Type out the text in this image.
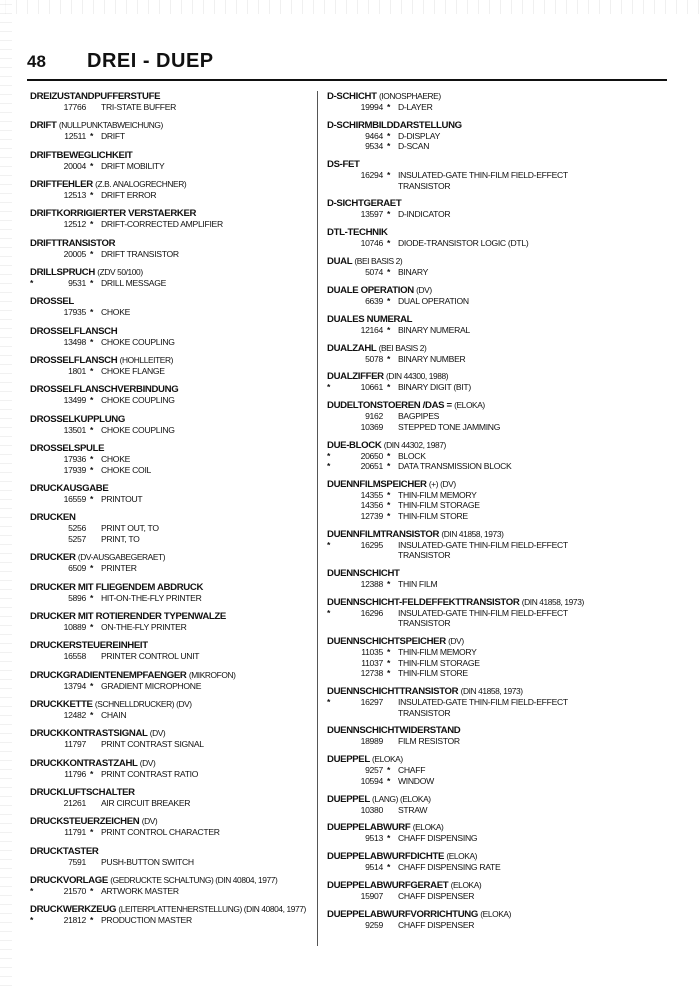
48 DREI - DUEP
DREIZUSTANDPUFFERSTUFE
17766 TRI-STATE BUFFER
DRIFT (NULLPUNKTABWEICHUNG)
12511 * DRIFT
DRIFTBEWEGLICHKEIT
20004 * DRIFT MOBILITY
DRIFTFEHLER (Z.B. ANALOGRECHNER)
12513 * DRIFT ERROR
DRIFTKORRIGIERTER VERSTAERKER
12512 * DRIFT-CORRECTED AMPLIFIER
DRIFTTRANSISTOR
20005 * DRIFT TRANSISTOR
DRILLSPRUCH (ZDV 50/100)
*	9531 * DRILL MESSAGE
DROSSEL
17935 * CHOKE
DROSSELFLANSCH
13498 * CHOKE COUPLING
DROSSELFLANSCH (HOHLLEITER)
1801 * CHOKE FLANGE
DROSSELFLANSCHVERBINDUNG
13499 * CHOKE COUPLING
DROSSELKUPPLUNG
13501 * CHOKE COUPLING
DROSSELSPULE
17936 * CHOKE
17939 * CHOKE COIL
DRUCKAUSGABE
16559 * PRINTOUT
DRUCKEN
5256 PRINT OUT, TO
5257 PRINT, TO
DRUCKER (DV-AUSGABEGERAET)
6509 * PRINTER
DRUCKER MIT FLIEGENDEM ABDRUCK
5896 * HIT-ON-THE-FLY PRINTER
DRUCKER MIT ROTIERENDER TYPENWALZE
10889 * ON-THE-FLY PRINTER
DRUCKERSTEUEREINHEIT
16558 PRINTER CONTROL UNIT
DRUCKGRADIENTENEMPFAENGER (MIKROFON)
13794 * GRADIENT MICROPHONE
DRUCKKETTE (SCHNELLDRUCKER) (DV)
12482 * CHAIN
DRUCKKONTRASTSIGNAL (DV)
11797 PRINT CONTRAST SIGNAL
DRUCKKONTRASTZAHL (DV)
11796 * PRINT CONTRAST RATIO
DRUCKLUFTSCHALTER
21261 AIR CIRCUIT BREAKER
DRUCKSTEUERZEICHEN (DV)
11791 * PRINT CONTROL CHARACTER
DRUCKTASTER
7591 PUSH-BUTTON SWITCH
DRUCKVORLAGE (GEDRUCKTE SCHALTUNG) (DIN 40804, 1977)
*	21570 * ARTWORK MASTER
DRUCKWERKZEUG (LEITERPLATTENHERSTELLUNG) (DIN 40804, 1977)
*	21812 * PRODUCTION MASTER
D-SCHICHT (IONOSPHAERE)
19994 * D-LAYER
D-SCHIRMBILDDARSTELLUNG
9464 * D-DISPLAY
9534 * D-SCAN
DS-FET
16294 * INSULATED-GATE THIN-FILM FIELD-EFFECT TRANSISTOR
D-SICHTGERAET
13597 * D-INDICATOR
DTL-TECHNIK
10746 * DIODE-TRANSISTOR LOGIC (DTL)
DUAL (BEI BASIS 2)
5074 * BINARY
DUALE OPERATION (DV)
6639 * DUAL OPERATION
DUALES NUMERAL
12164 * BINARY NUMERAL
DUALZAHL (BEI BASIS 2)
5078 * BINARY NUMBER
DUALZIFFER (DIN 44300, 1988)
*	10661 * BINARY DIGIT (BIT)
DUDELTONSTOEREN /DAS = (ELOKA)
9162 BAGPIPES
10369 STEPPED TONE JAMMING
DUE-BLOCK (DIN 44302, 1987)
*	20650 * BLOCK
*	20651 * DATA TRANSMISSION BLOCK
DUENNFILMSPEICHER (+) (DV)
14355 * THIN-FILM MEMORY
14356 * THIN-FILM STORAGE
12739 * THIN-FILM STORE
DUENNFILMTRANSISTOR (DIN 41858, 1973)
*	16295 INSULATED-GATE THIN-FILM FIELD-EFFECT TRANSISTOR
DUENNSCHICHT
12388 * THIN FILM
DUENNSCHICHT-FELDEFFEKTTRANSISTOR (DIN 41858, 1973)
*	16296 INSULATED-GATE THIN-FILM FIELD-EFFECT TRANSISTOR
DUENNSCHICHTSPEICHER (DV)
11035 * THIN-FILM MEMORY
11037 * THIN-FILM STORAGE
12738 * THIN-FILM STORE
DUENNSCHICHTTRANSISTOR (DIN 41858, 1973)
*	16297 INSULATED-GATE THIN-FILM FIELD-EFFECT TRANSISTOR
DUENNSCHICHTWIDERSTAND
18989 FILM RESISTOR
DUEPPEL (ELOKA)
9257 * CHAFF
10594 * WINDOW
DUEPPEL (LANG) (ELOKA)
10380 STRAW
DUEPPELABWURF (ELOKA)
9513 * CHAFF DISPENSING
DUEPPELABWURFDICHTE (ELOKA)
9514 * CHAFF DISPENSING RATE
DUEPPELABWURFGERAET (ELOKA)
15907 CHAFF DISPENSER
DUEPPELABWURFVORRICHTUNG (ELOKA)
9259 CHAFF DISPENSER
